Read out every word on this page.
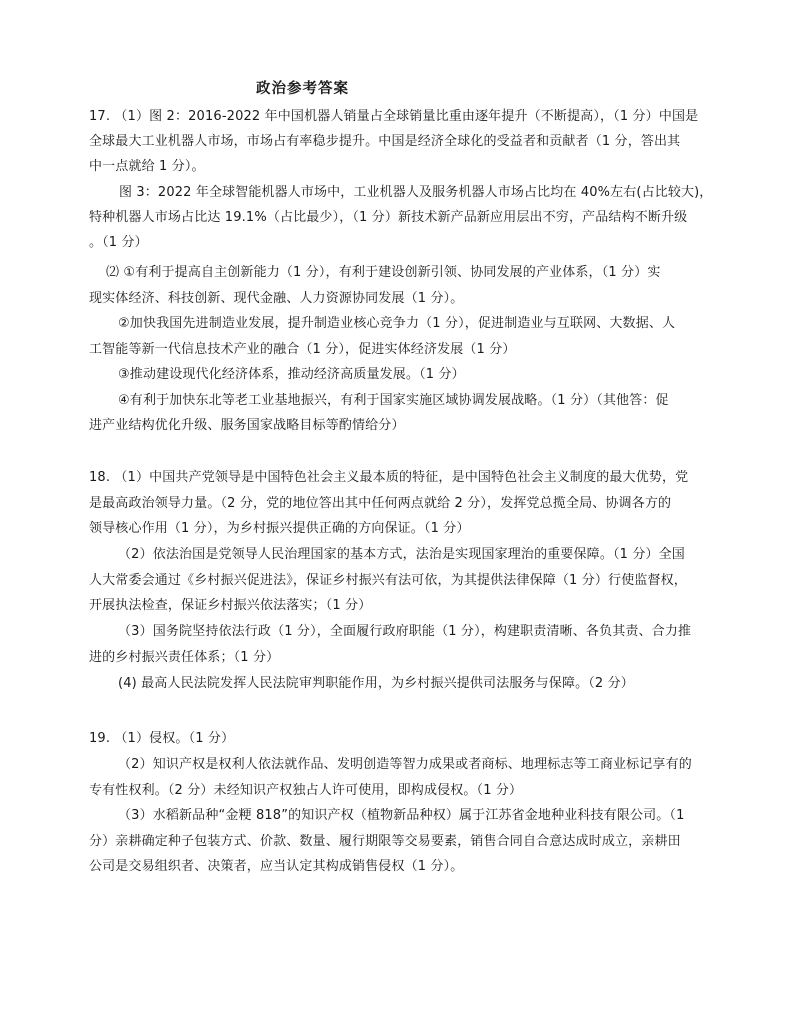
政治参考答案
17. （1）图 2：2016-2022 年中国机器人销量占全球销量比重由逐年提升（不断提高），（1 分）中国是
全球最大工业机器人市场，市场占有率稳步提升。中国是经济全球化的受益者和贡献者（1 分，答出其
中一点就给 1 分）。
图 3：2022 年全球智能机器人市场中，工业机器人及服务机器人市场占比均在 40%左右(占比较大)，
特种机器人市场占比达 19.1%（占比最少），（1 分）新技术新产品新应用层出不穷，产品结构不断升级
。（1 分）
⑵ ①有利于提高自主创新能力（1 分），有利于建设创新引领、协同发展的产业体系，（1 分）实
现实体经济、科技创新、现代金融、人力资源协同发展（1 分）。
②加快我国先进制造业发展，提升制造业核心竞争力（1 分），促进制造业与互联网、大数据、人
工智能等新一代信息技术产业的融合（1 分），促进实体经济发展（1 分）
③推动建设现代化经济体系，推动经济高质量发展。（1 分）
④有利于加快东北等老工业基地振兴，有利于国家实施区域协调发展战略。（1 分）（其他答：促
进产业结构优化升级、服务国家战略目标等酌情给分）
18. （1）中国共产党领导是中国特色社会主义最本质的特征，是中国特色社会主义制度的最大优势，党
是最高政治领导力量。（2 分，党的地位答出其中任何两点就给 2 分），发挥党总揽全局、协调各方的
领导核心作用（1 分），为乡村振兴提供正确的方向保证。（1 分）
（2）依法治国是党领导人民治理国家的基本方式，法治是实现国家理治的重要保障。（1 分）全国
人大常委会通过《乡村振兴促进法》，保证乡村振兴有法可依，为其提供法律保障（1 分）行使监督权，
开展执法检查，保证乡村振兴依法落实；（1 分）
（3）国务院坚持依法行政（1 分），全面履行政府职能（1 分），构建职责清晰、各负其责、合力推
进的乡村振兴责任体系；（1 分）
(4) 最高人民法院发挥人民法院审判职能作用，为乡村振兴提供司法服务与保障。（2 分）
19. （1）侵权。（1 分）
（2）知识产权是权利人依法就作品、发明创造等智力成果或者商标、地理标志等工商业标记享有的
专有性权利。（2 分）未经知识产权独占人许可使用，即构成侵权。（1 分）
（3）水稻新品种“金粳 818”的知识产权（植物新品种权）属于江苏省金地种业科技有限公司。（1
分）亲耕确定种子包装方式、价款、数量、履行期限等交易要素，销售合同自合意达成时成立，亲耕田
公司是交易组织者、决策者，应当认定其构成销售侵权（1 分）。
